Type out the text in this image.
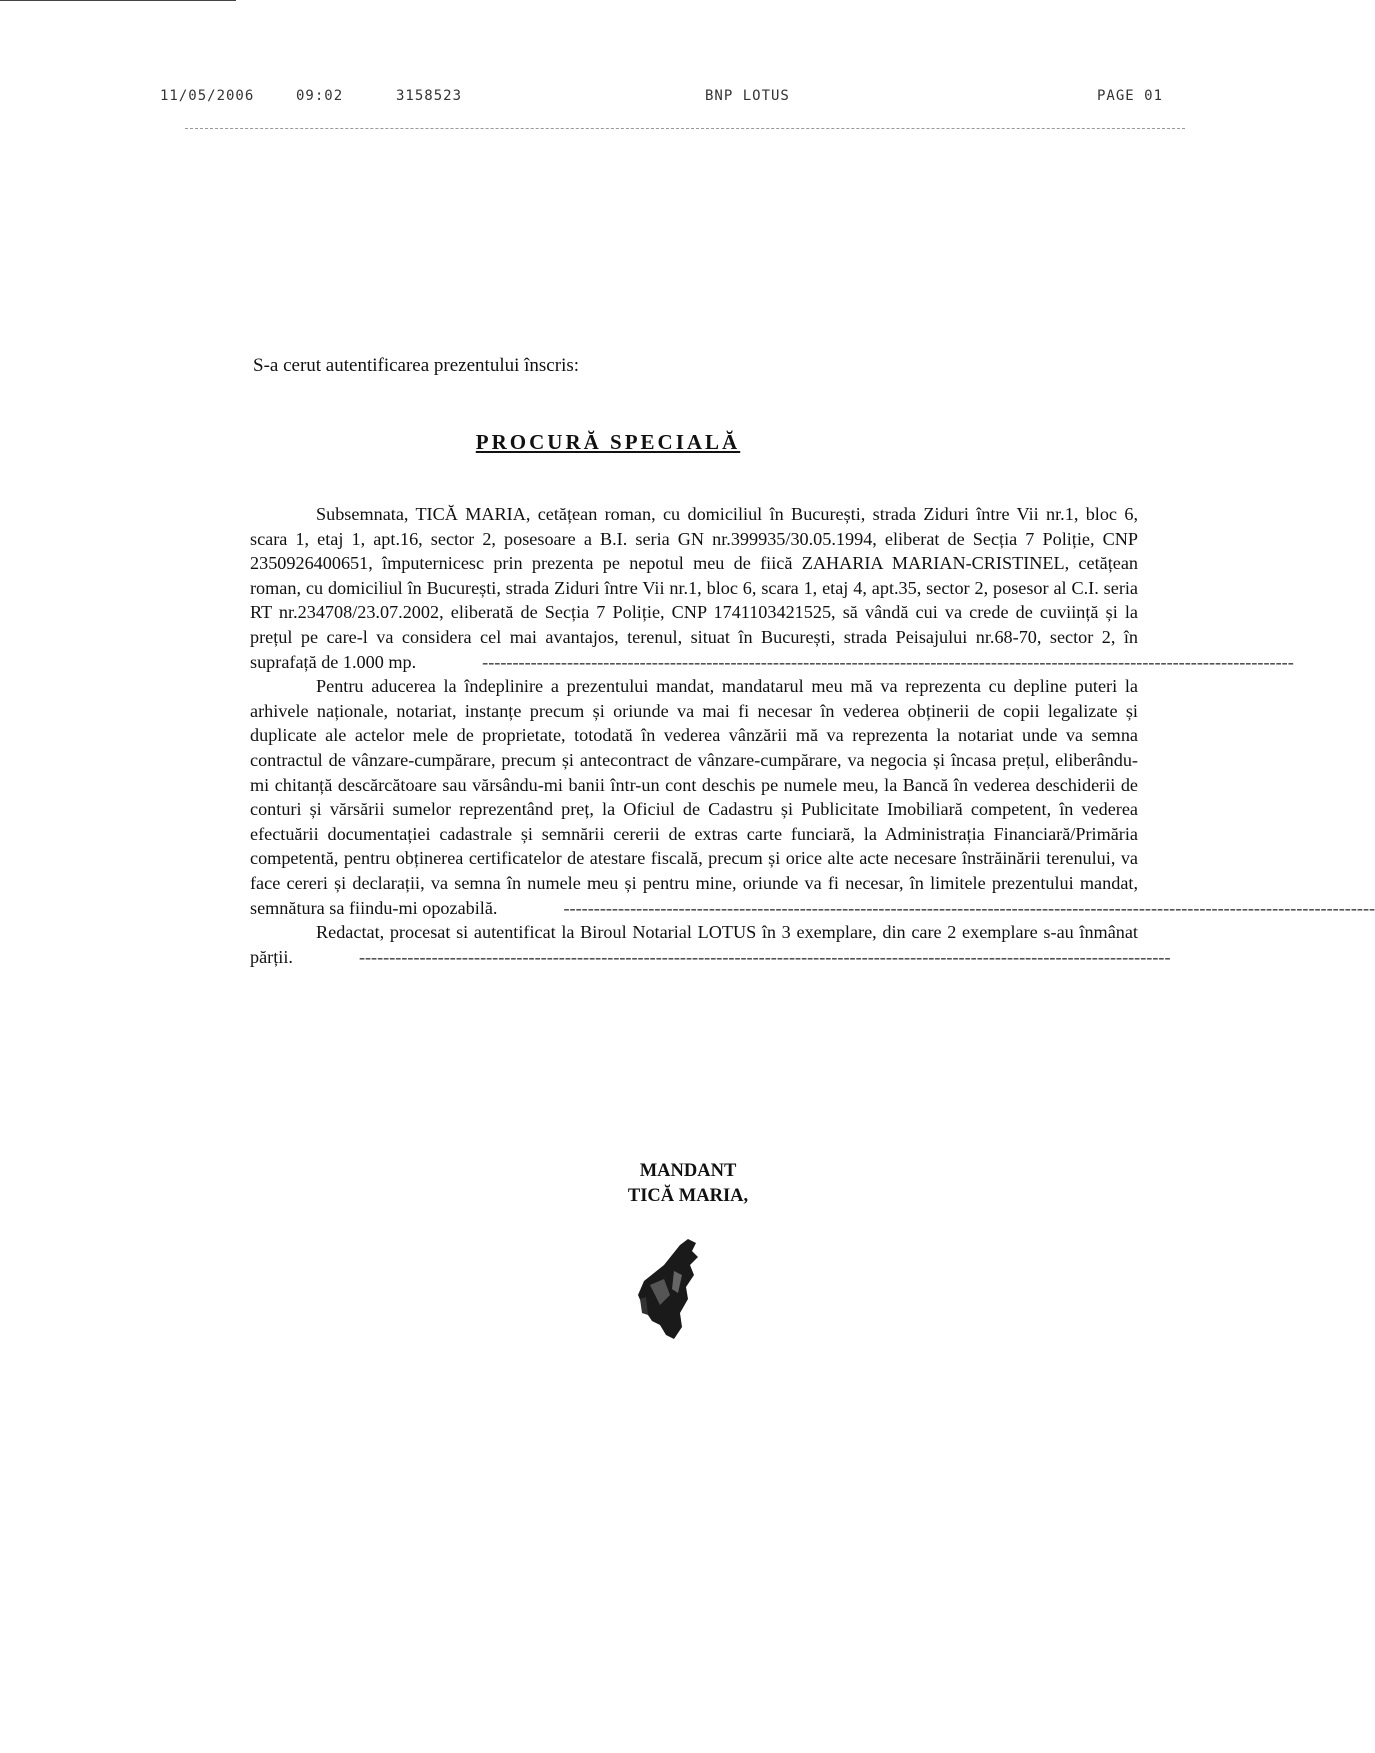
11/05/2006	09:02	3158523	BNP LOTUS	PAGE 01
S-a cerut autentificarea prezentului înscris:
PROCURĂ SPECIALĂ

Subsemnata, TICĂ MARIA, cetățean roman, cu domiciliul în București, strada Ziduri între Vii nr.1, bloc 6, scara 1, etaj 1, apt.16, sector 2, posesoare a B.I. seria GN nr.399935/30.05.1994, eliberat de Secția 7 Poliție, CNP 2350926400651, împuternicesc prin prezenta pe nepotul meu de fiică ZAHARIA MARIAN-CRISTINEL, cetățean roman, cu domiciliul în București, strada Ziduri între Vii nr.1, bloc 6, scara 1, etaj 4, apt.35, sector 2, posesor al C.I. seria RT nr.234708/23.07.2002, eliberată de Secția 7 Poliție, CNP 1741103421525, să vândă cui va crede de cuviință și la prețul pe care-l va considera cel mai avantajos, terenul, situat în București, strada Peisajului nr.68-70, sector 2, în suprafață de 1.000 mp.	--------------------------------------------------------------------------------------------------------------------------------------

Pentru aducerea la îndeplinire a prezentului mandat, mandatarul meu mă va reprezenta cu depline puteri la arhivele naționale, notariat, instanțe precum și oriunde va mai fi necesar în vederea obținerii de copii legalizate și duplicate ale actelor mele de proprietate, totodată în vederea vânzării mă va reprezenta la notariat unde va semna contractul de vânzare-cumpărare, precum și antecontract de vânzare-cumpărare, va negocia și încasa prețul, eliberându-mi chitanță descărcătoare sau vărsându-mi banii într-un cont deschis pe numele meu, la Bancă în vederea deschiderii de conturi și vărsării sumelor reprezentând preț, la Oficiul de Cadastru și Publicitate Imobiliară competent, în vederea efectuării documentației cadastrale și semnării cererii de extras carte funciară, la Administrația Financiară/Primăria competentă, pentru obținerea certificatelor de atestare fiscală, precum și orice alte acte necesare înstrăinării terenului, va face cereri și declarații, va semna în numele meu și pentru mine, oriunde va fi necesar, în limitele prezentului mandat, semnătura sa fiindu-mi opozabilă.	--------------------------------------------------------------------------------------------------------------------------------------

Redactat, procesat si autentificat la Biroul Notarial LOTUS în 3 exemplare, din care 2 exemplare s-au înmânat părții.	--------------------------------------------------------------------------------------------------------------------------------------

MANDANT
TICĂ MARIA,
